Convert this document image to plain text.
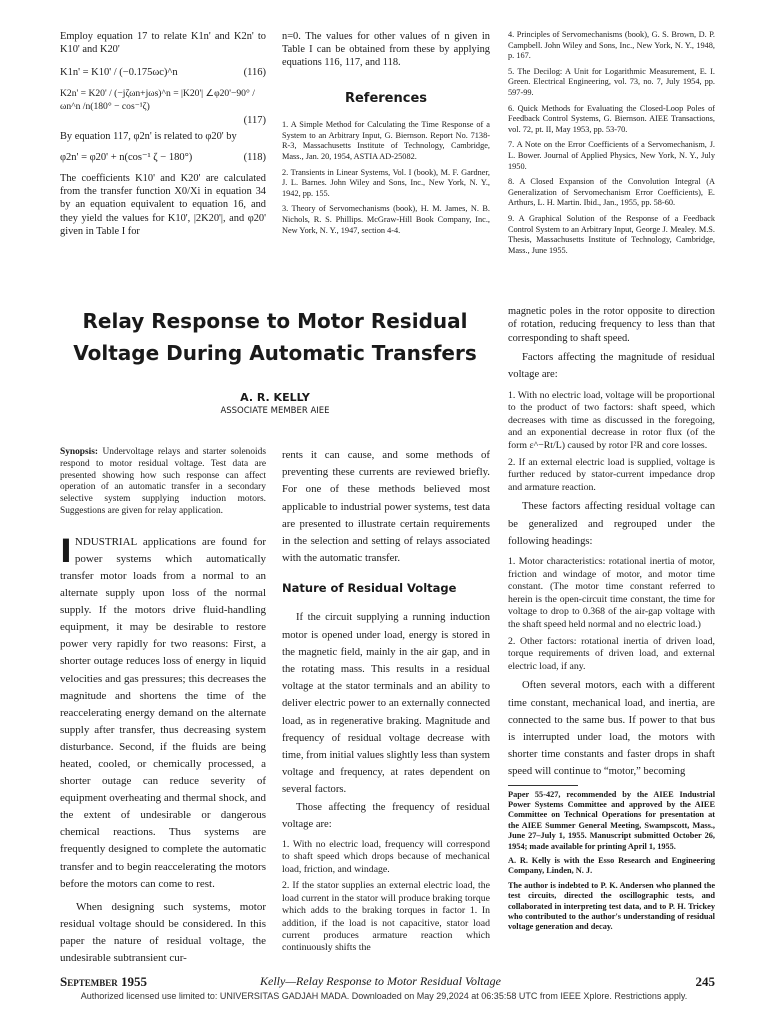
Employ equation 17 to relate K1n' and K2n' to K10' and K20'

K1n' = K10' / (−0.175ωc)^n	(116)
K2n' = K20' / (−jζωn+jωs)^n = |K20'| ∠φ20'−90° / ωn^n /n(180° − cos⁻¹ζ)
(117)

By equation 117, φ2n' is related to φ20' by

φ2n' = φ20' + n(cos⁻¹ ζ − 180°)	(118)

The coefficients K10' and K20' are calculated from the transfer function X0/Xi in equation 34 by an equation equivalent to equation 16, and they yield the values for K10', |2K20'|, and φ20' given in Table I for

n=0. The values for other values of n given in Table I can be obtained from these by applying equations 116, 117, and 118.

References

1. A Simple Method for Calculating the Time Response of a System to an Arbitrary Input, G. Biernson. Report No. 7138-R-3, Massachusetts Institute of Technology, Cambridge, Mass., Jan. 20, 1954, ASTIA AD-25082.

2. Transients in Linear Systems, Vol. I (book), M. F. Gardner, J. L. Barnes. John Wiley and Sons, Inc., New York, N. Y., 1942, pp. 155.

3. Theory of Servomechanisms (book), H. M. James, N. B. Nichols, R. S. Phillips. McGraw-Hill Book Company, Inc., New York, N. Y., 1947, section 4-4.

4. Principles of Servomechanisms (book), G. S. Brown, D. P. Campbell. John Wiley and Sons, Inc., New York, N. Y., 1948, p. 167.

5. The Decilog: A Unit for Logarithmic Measurement, E. I. Green. Electrical Engineering, vol. 73, no. 7, July 1954, pp. 597-99.

6. Quick Methods for Evaluating the Closed-Loop Poles of Feedback Control Systems, G. Biernson. AIEE Transactions, vol. 72, pt. II, May 1953, pp. 53-70.

7. A Note on the Error Coefficients of a Servomechanism, J. L. Bower. Journal of Applied Physics, New York, N. Y., July 1950.

8. A Closed Expansion of the Convolution Integral (A Generalization of Servomechanism Error Coefficients), E. Arthurs, L. H. Martin. Ibid., Jan., 1955, pp. 58-60.

9. A Graphical Solution of the Response of a Feedback Control System to an Arbitrary Input, George J. Mealey. M.S. Thesis, Massachusetts Institute of Technology, Cambridge, Mass., June 1955.

Relay Response to Motor Residual
Voltage During Automatic Transfers
A. R. KELLY
ASSOCIATE MEMBER AIEE

Synopsis: Undervoltage relays and starter solenoids respond to motor residual voltage. Test data are presented showing how such response can affect operation of an automatic transfer in a secondary selective system supplying induction motors. Suggestions are given for relay application.

INDUSTRIAL applications are found for power systems which automatically transfer motor loads from a normal to an alternate supply upon loss of the normal supply. If the motors drive fluid-handling equipment, it may be desirable to restore power very rapidly for two reasons: First, a shorter outage reduces loss of energy in liquid velocities and gas pressures; this decreases the magnitude and shortens the time of the reaccelerating energy demand on the alternate supply after transfer, thus decreasing system disturbance. Second, if the fluids are being heated, cooled, or chemically processed, a shorter outage can reduce severity of equipment overheating and thermal shock, and the extent of undesirable or dangerous chemical reactions. Thus systems are frequently designed to complete the automatic transfer and to begin reaccelerating the motors before the motors can come to rest.

When designing such systems, motor residual voltage should be considered. In this paper the nature of residual voltage, the undesirable subtransient cur-

rents it can cause, and some methods of preventing these currents are reviewed briefly. For one of these methods believed most applicable to industrial power systems, test data are presented to illustrate certain requirements in the selection and setting of relays associated with the automatic transfer.

Nature of Residual Voltage

If the circuit supplying a running induction motor is opened under load, energy is stored in the magnetic field, mainly in the air gap, and in the rotating mass. This results in a residual voltage at the stator terminals and an ability to deliver electric power to an externally connected load, as in regenerative braking. Magnitude and frequency of residual voltage decrease with time, from initial values slightly less than system voltage and frequency, at rates dependent on several factors.

Those affecting the frequency of residual voltage are:

1. With no electric load, frequency will correspond to shaft speed which drops because of mechanical load, friction, and windage.

2. If the stator supplies an external electric load, the load current in the stator will produce braking torque which adds to the braking torques in factor 1. In addition, if the load is not capacitive, stator load current produces armature reaction which continuously shifts the

magnetic poles in the rotor opposite to direction of rotation, reducing frequency to less than that corresponding to shaft speed.

Factors affecting the magnitude of residual voltage are:

1. With no electric load, voltage will be proportional to the product of two factors: shaft speed, which decreases with time as discussed in the foregoing, and an exponential decrease in rotor flux (of the form ε^−Rt/L) caused by rotor I²R and core losses.

2. If an external electric load is supplied, voltage is further reduced by stator-current impedance drop and armature reaction.

These factors affecting residual voltage can be generalized and regrouped under the following headings:

1. Motor characteristics: rotational inertia of motor, friction and windage of motor, and motor time constant. (The motor time constant referred to herein is the open-circuit time constant, the time for voltage to drop to 0.368 of the air-gap voltage with the shaft speed held normal and no electric load.)

2. Other factors: rotational inertia of driven load, torque requirements of driven load, and external electric load, if any.

Often several motors, each with a different time constant, mechanical load, and inertia, are connected to the same bus. If power to that bus is interrupted under load, the motors with shorter time constants and faster drops in shaft speed will continue to “motor,” becoming

Paper 55-427, recommended by the AIEE Industrial Power Systems Committee and approved by the AIEE Committee on Technical Operations for presentation at the AIEE Summer General Meeting, Swampscott, Mass., June 27–July 1, 1955. Manuscript submitted October 26, 1954; made available for printing April 1, 1955.

A. R. Kelly is with the Esso Research and Engineering Company, Linden, N. J.

The author is indebted to P. K. Andersen who planned the test circuits, directed the oscillographic tests, and collaborated in interpreting test data, and to P. H. Trickey who contributed to the author's understanding of residual voltage generation and decay.

September 1955	Kelly—Relay Response to Motor Residual Voltage	245
Authorized licensed use limited to: UNIVERSITAS GADJAH MADA. Downloaded on May 29,2024 at 06:35:58 UTC from IEEE Xplore. Restrictions apply.
